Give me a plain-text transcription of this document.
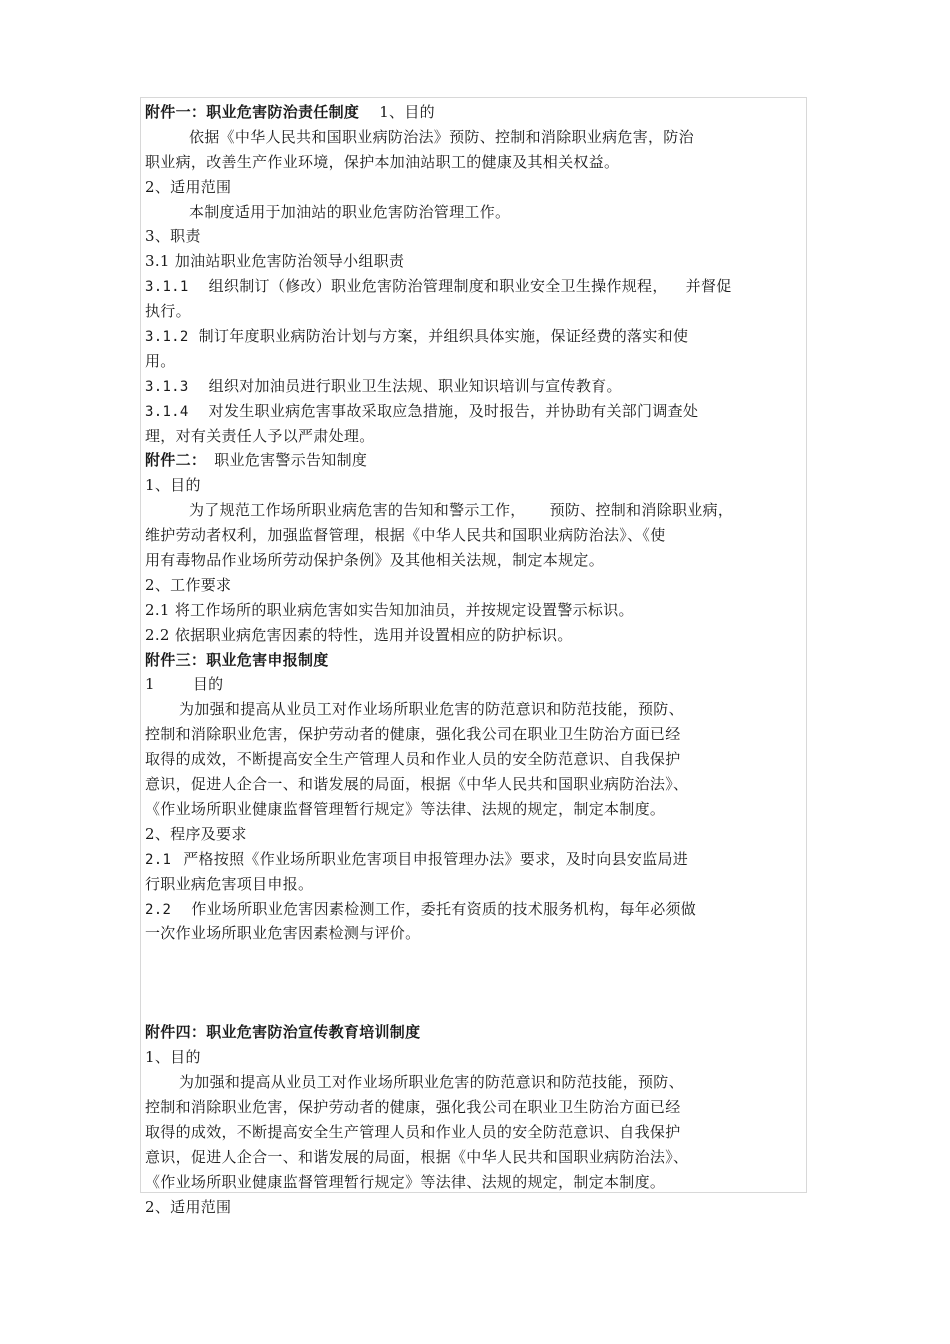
附件一：职业危害防治责任制度 1、目的
依据《中华人民共和国职业病防治法》预防、控制和消除职业病危害，防治
职业病，改善生产作业环境，保护本加油站职工的健康及其相关权益。
2、适用范围
本制度适用于加油站的职业危害防治管理工作。
3、职责
3.1 加油站职业危害防治领导小组职责
3.1.1 组织制订（修改）职业危害防治管理制度和职业安全卫生操作规程， 并督促
执行。
3.1.2 制订年度职业病防治计划与方案，并组织具体实施，保证经费的落实和使
用。
3.1.3 组织对加油员进行职业卫生法规、职业知识培训与宣传教育。
3.1.4 对发生职业病危害事故采取应急措施，及时报告，并协助有关部门调查处
理，对有关责任人予以严肃处理。
附件二： 职业危害警示告知制度
1、目的
为了规范工作场所职业病危害的告知和警示工作， 预防、控制和消除职业病，
维护劳动者权利，加强监督管理，根据《中华人民共和国职业病防治法》、《使
用有毒物品作业场所劳动保护条例》及其他相关法规，制定本规定。
2、工作要求
2.1 将工作场所的职业病危害如实告知加油员，并按规定设置警示标识。
2.2 依据职业病危害因素的特性，选用并设置相应的防护标识。
附件三：职业危害申报制度
1	目的
为加强和提高从业员工对作业场所职业危害的防范意识和防范技能，预防、
控制和消除职业危害，保护劳动者的健康，强化我公司在职业卫生防治方面已经
取得的成效，不断提高安全生产管理人员和作业人员的安全防范意识、自我保护
意识，促进人企合一、和谐发展的局面，根据《中华人民共和国职业病防治法》、
《作业场所职业健康监督管理暂行规定》等法律、法规的规定，制定本制度。
2、程序及要求
2.1 严格按照《作业场所职业危害项目申报管理办法》要求，及时向县安监局进
行职业病危害项目申报。
2.2 作业场所职业危害因素检测工作，委托有资质的技术服务机构，每年必须做
一次作业场所职业危害因素检测与评价。
附件四：职业危害防治宣传教育培训制度
1、目的
为加强和提高从业员工对作业场所职业危害的防范意识和防范技能，预防、
控制和消除职业危害，保护劳动者的健康，强化我公司在职业卫生防治方面已经
取得的成效，不断提高安全生产管理人员和作业人员的安全防范意识、自我保护
意识，促进人企合一、和谐发展的局面，根据《中华人民共和国职业病防治法》、
《作业场所职业健康监督管理暂行规定》等法律、法规的规定，制定本制度。
2、适用范围
